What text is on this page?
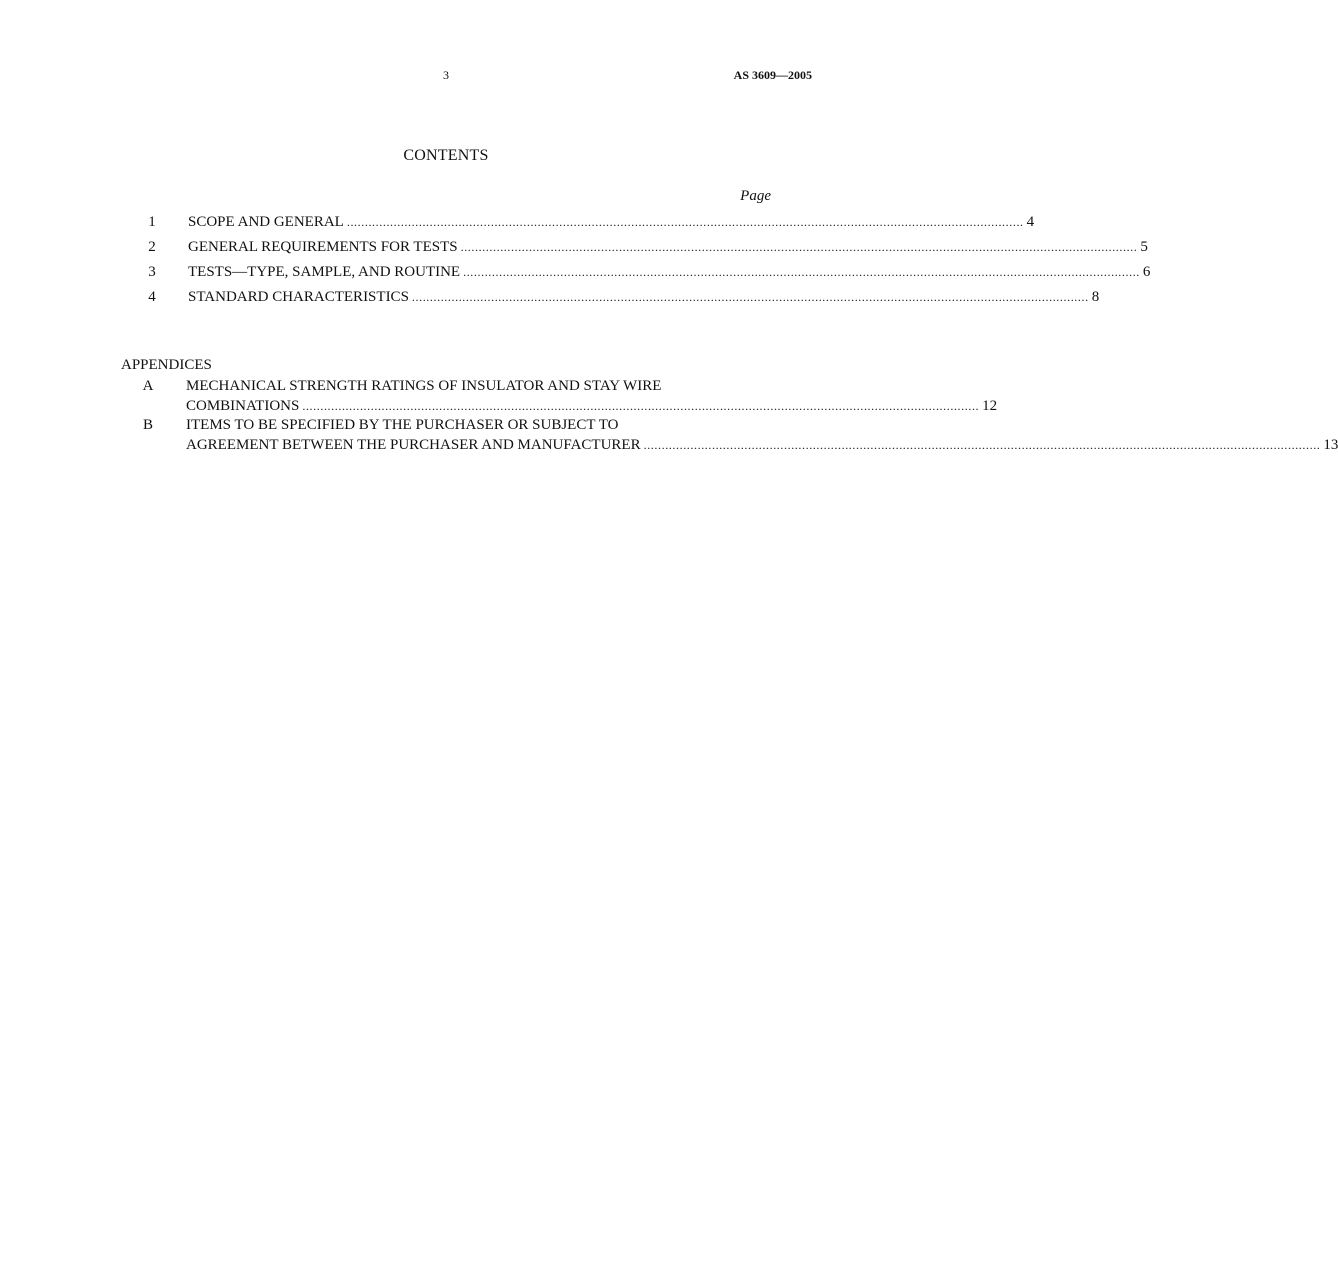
3	AS 3609—2005
CONTENTS
Page
1	SCOPE AND GENERAL ............................................................................................................................................................................................ 4
2	GENERAL REQUIREMENTS FOR TESTS ............................................................................................................................................................................................ 5
3	TESTS—TYPE, SAMPLE, AND ROUTINE ............................................................................................................................................................................................ 6
4	STANDARD CHARACTERISTICS ............................................................................................................................................................................................ 8
APPENDICES
A	MECHANICAL STRENGTH RATINGS OF INSULATOR AND STAY WIRE
COMBINATIONS ............................................................................................................................................................................................ 12
B	ITEMS TO BE SPECIFIED BY THE PURCHASER OR SUBJECT TO
AGREEMENT BETWEEN THE PURCHASER AND MANUFACTURER ............................................................................................................................................................................................ 13
